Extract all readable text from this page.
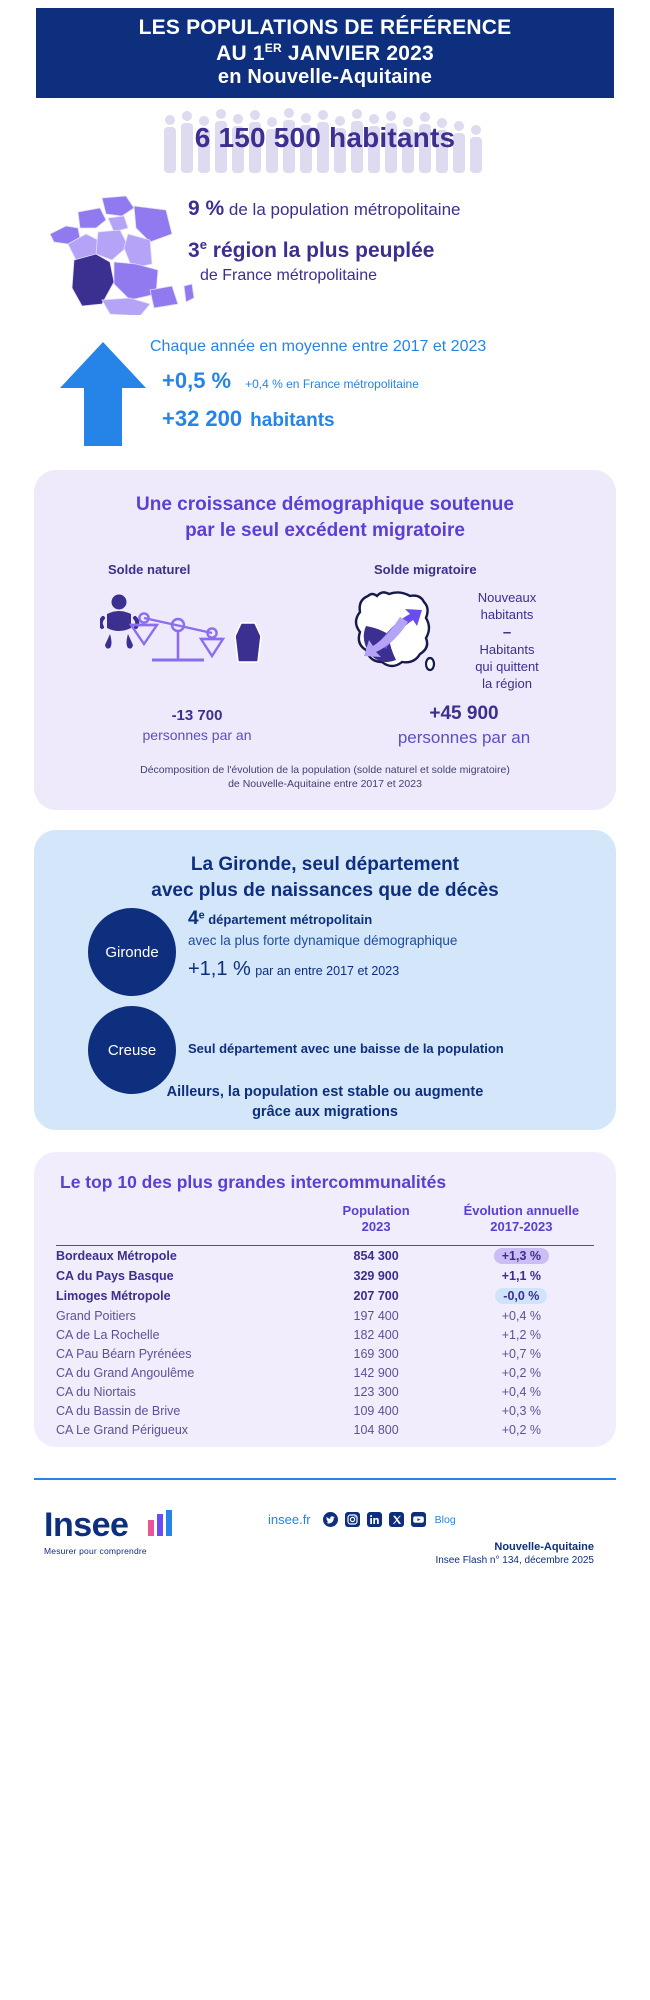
LES POPULATIONS DE RÉFÉRENCE
AU 1ER JANVIER 2023
en Nouvelle-Aquitaine
6 150 500 habitants
9 % de la population métropolitaine
3e région la plus peuplée
de France métropolitaine
Chaque année en moyenne entre 2017 et 2023
+0,5 % +0,4 % en France métropolitaine
+32 200 habitants
Une croissance démographique soutenue
par le seul excédent migratoire
Solde naturel	Solde migratoire
Nouveaux
habitants
–
Habitants
qui quittent
la région
-13 700
personnes par an
+45 900
personnes par an
Décomposition de l'évolution de la population (solde naturel et solde migratoire)
de Nouvelle-Aquitaine entre 2017 et 2023
La Gironde, seul département
avec plus de naissances que de décès
Gironde
Creuse
4e département métropolitain
avec la plus forte dynamique démographique
+1,1 % par an entre 2017 et 2023
Seul département avec une baisse de la population
Ailleurs, la population est stable ou augmente
grâce aux migrations
Le top 10 des plus grandes intercommunalités
	Population
2023	Évolution annuelle
2017-2023

Bordeaux Métropole	854 300	+1,3 %
CA du Pays Basque	329 900	+1,1 %
Limoges Métropole	207 700	-0,0 %
Grand Poitiers	197 400	+0,4 %
CA de La Rochelle	182 400	+1,2 %
CA Pau Béarn Pyrénées	169 300	+0,7 %
CA du Grand Angoulême	142 900	+0,2 %
CA du Niortais	123 300	+0,4 %
CA du Bassin de Brive	109 400	+0,3 %
CA Le Grand Périgueux	104 800	+0,2 %
Insee
Mesurer pour comprendre
insee.fr	Blog
Nouvelle-Aquitaine
Insee Flash n° 134, décembre 2025
